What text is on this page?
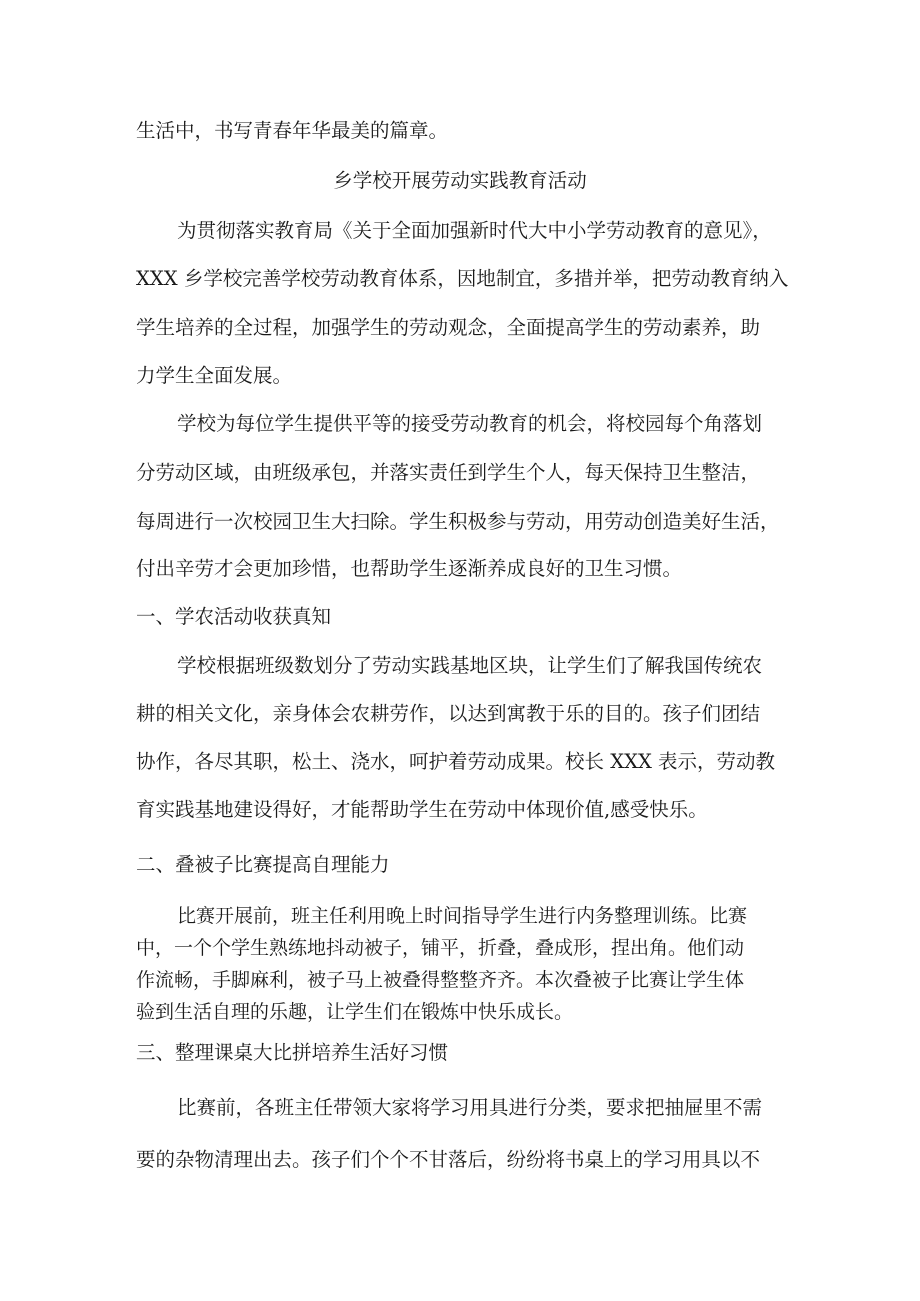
生活中，书写青春年华最美的篇章。
乡学校开展劳动实践教育活动
为贯彻落实教育局《关于全面加强新时代大中小学劳动教育的意见》，
XXX 乡学校完善学校劳动教育体系，因地制宜，多措并举，把劳动教育纳入
学生培养的全过程，加强学生的劳动观念，全面提高学生的劳动素养，助
力学生全面发展。
学校为每位学生提供平等的接受劳动教育的机会，将校园每个角落划
分劳动区域，由班级承包，并落实责任到学生个人，每天保持卫生整洁，
每周进行一次校园卫生大扫除。学生积极参与劳动，用劳动创造美好生活，
付出辛劳才会更加珍惜，也帮助学生逐渐养成良好的卫生习惯。
一、学农活动收获真知
学校根据班级数划分了劳动实践基地区块，让学生们了解我国传统农
耕的相关文化，亲身体会农耕劳作，以达到寓教于乐的目的。孩子们团结
协作，各尽其职，松土、浇水，呵护着劳动成果。校长 XXX 表示，劳动教
育实践基地建设得好，才能帮助学生在劳动中体现价值,感受快乐。
二、叠被子比赛提高自理能力
比赛开展前，班主任利用晚上时间指导学生进行内务整理训练。比赛
中，一个个学生熟练地抖动被子，铺平，折叠，叠成形，捏出角。他们动
作流畅，手脚麻利，被子马上被叠得整整齐齐。本次叠被子比赛让学生体
验到生活自理的乐趣，让学生们在锻炼中快乐成长。
三、整理课桌大比拼培养生活好习惯
比赛前，各班主任带领大家将学习用具进行分类，要求把抽屉里不需
要的杂物清理出去。孩子们个个不甘落后，纷纷将书桌上的学习用具以不
